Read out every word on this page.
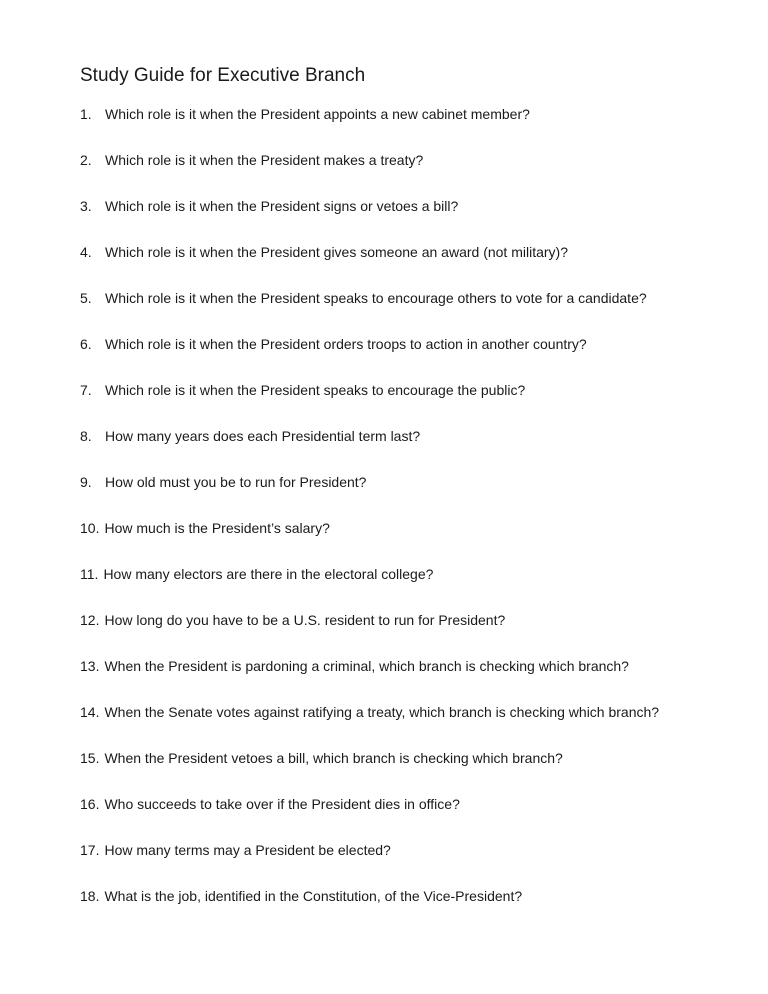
Study Guide for Executive Branch
1. Which role is it when the President appoints a new cabinet member?
2. Which role is it when the President makes a treaty?
3. Which role is it when the President signs or vetoes a bill?
4. Which role is it when the President gives someone an award (not military)?
5. Which role is it when the President speaks to encourage others to vote for a candidate?
6. Which role is it when the President orders troops to action in another country?
7. Which role is it when the President speaks to encourage the public?
8. How many years does each Presidential term last?
9. How old must you be to run for President?
10. How much is the President’s salary?
11. How many electors are there in the electoral college?
12. How long do you have to be a U.S. resident to run for President?
13. When the President is pardoning a criminal, which branch is checking which branch?
14. When the Senate votes against ratifying a treaty, which branch is checking which branch?
15. When the President vetoes a bill, which branch is checking which branch?
16. Who succeeds to take over if the President dies in office?
17. How many terms may a President be elected?
18. What is the job, identified in the Constitution, of the Vice-President?
